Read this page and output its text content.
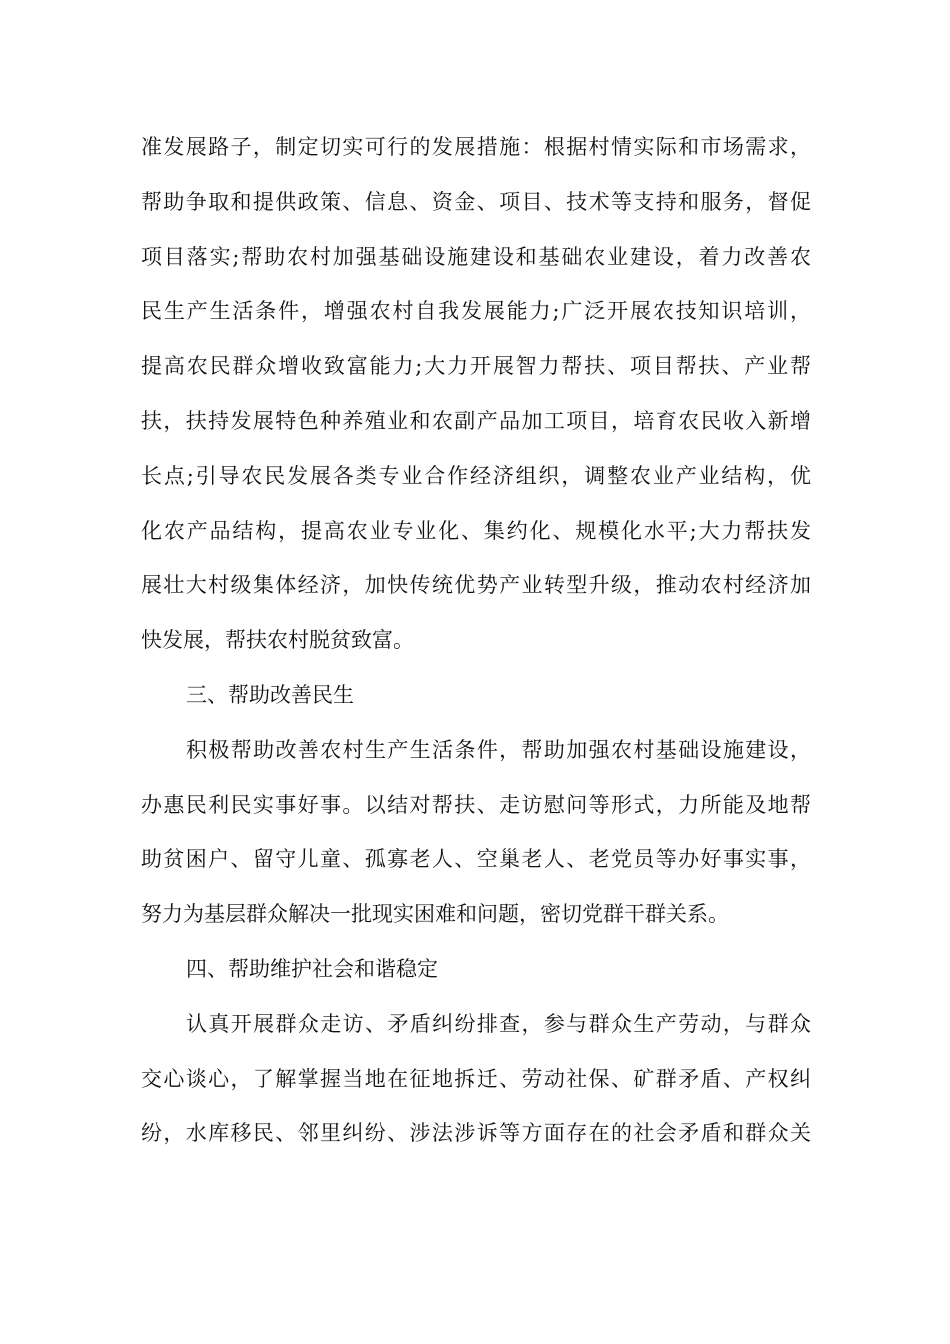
准发展路子，制定切实可行的发展措施：根据村情实际和市场需求，
帮助争取和提供政策、信息、资金、项目、技术等支持和服务，督促
项目落实;帮助农村加强基础设施建设和基础农业建设，着力改善农
民生产生活条件，增强农村自我发展能力;广泛开展农技知识培训，
提高农民群众增收致富能力;大力开展智力帮扶、项目帮扶、产业帮
扶，扶持发展特色种养殖业和农副产品加工项目，培育农民收入新增
长点;引导农民发展各类专业合作经济组织，调整农业产业结构，优
化农产品结构，提高农业专业化、集约化、规模化水平;大力帮扶发
展壮大村级集体经济，加快传统优势产业转型升级，推动农村经济加
快发展，帮扶农村脱贫致富。
三、帮助改善民生
积极帮助改善农村生产生活条件，帮助加强农村基础设施建设，
办惠民利民实事好事。以结对帮扶、走访慰问等形式，力所能及地帮
助贫困户、留守儿童、孤寡老人、空巢老人、老党员等办好事实事，
努力为基层群众解决一批现实困难和问题，密切党群干群关系。
四、帮助维护社会和谐稳定
认真开展群众走访、矛盾纠纷排查，参与群众生产劳动，与群众
交心谈心，了解掌握当地在征地拆迁、劳动社保、矿群矛盾、产权纠
纷，水库移民、邻里纠纷、涉法涉诉等方面存在的社会矛盾和群众关
